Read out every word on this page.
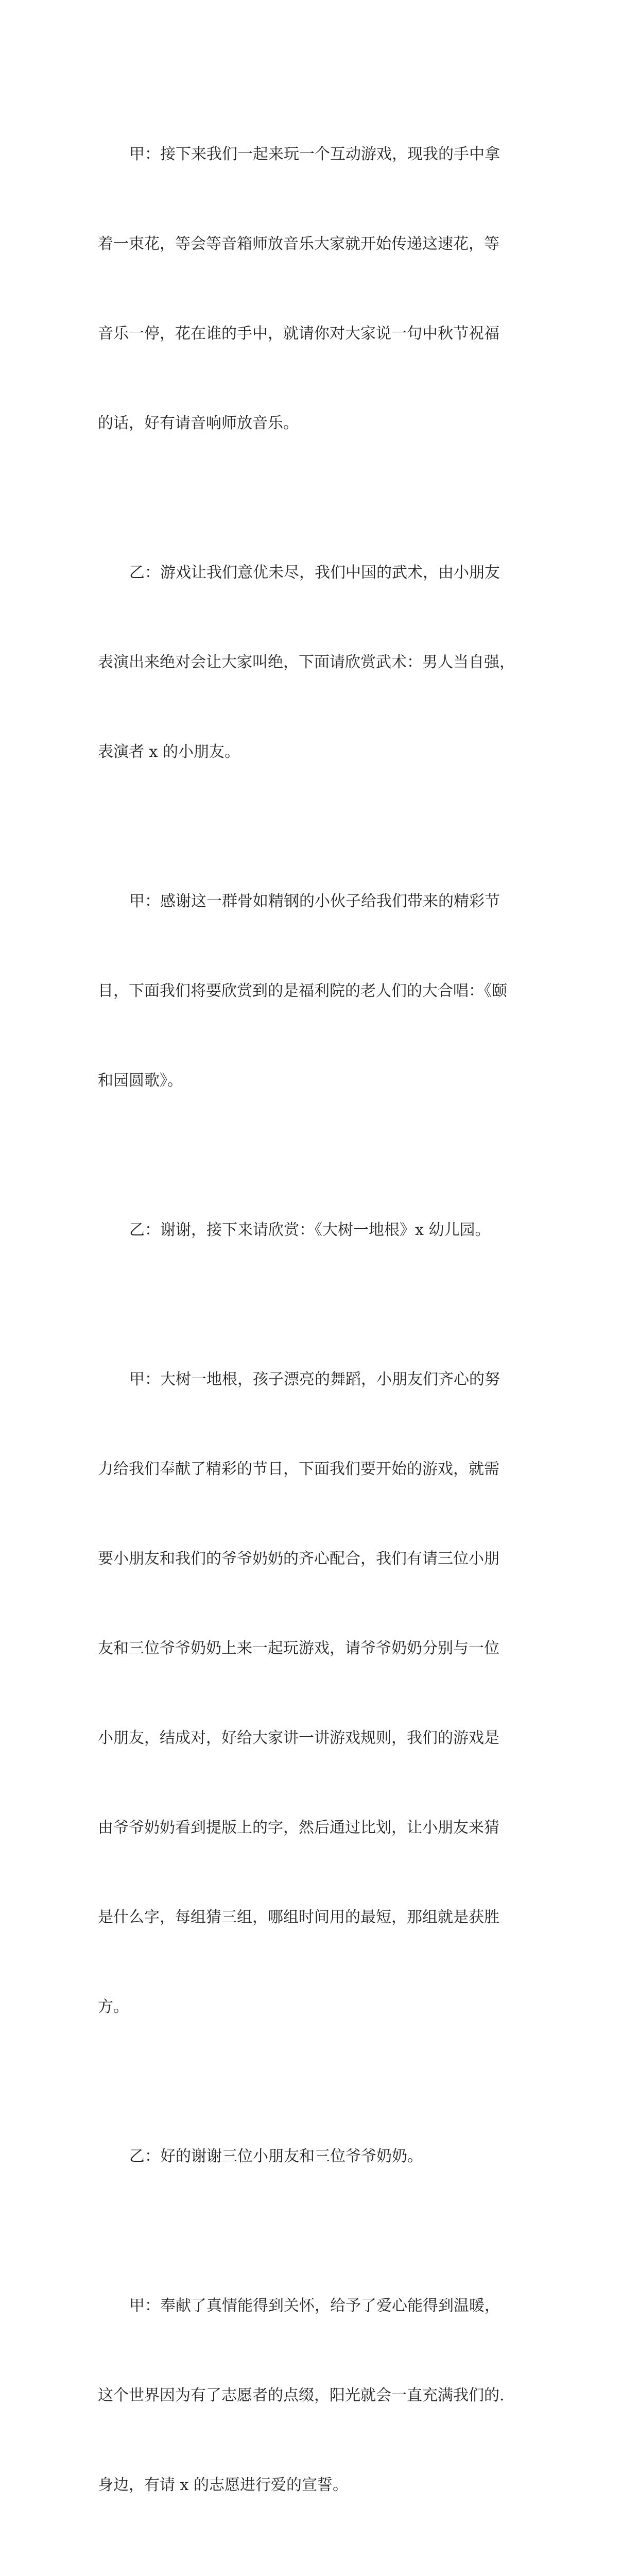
甲：接下来我们一起来玩一个互动游戏，现我的手中拿

着一束花，等会等音箱师放音乐大家就开始传递这速花，等

音乐一停，花在谁的手中，就请你对大家说一句中秋节祝福

的话，好有请音响师放音乐。

乙：游戏让我们意优未尽，我们中国的武术，由小朋友

表演出来绝对会让大家叫绝，下面请欣赏武术：男人当自强，

表演者 x 的小朋友。

甲：感谢这一群骨如精钢的小伙子给我们带来的精彩节

目，下面我们将要欣赏到的是福利院的老人们的大合唱：《颐

和园圆歌》。

乙：谢谢，接下来请欣赏：《大树一地根》x 幼儿园。

甲：大树一地根，孩子漂亮的舞蹈，小朋友们齐心的努

力给我们奉献了精彩的节目，下面我们要开始的游戏，就需

要小朋友和我们的爷爷奶奶的齐心配合，我们有请三位小朋

友和三位爷爷奶奶上来一起玩游戏，请爷爷奶奶分别与一位

小朋友，结成对，好给大家讲一讲游戏规则，我们的游戏是

由爷爷奶奶看到提版上的字，然后通过比划，让小朋友来猜

是什么字，每组猜三组，哪组时间用的最短，那组就是获胜

方。

乙：好的谢谢三位小朋友和三位爷爷奶奶。

甲：奉献了真情能得到关怀，给予了爱心能得到温暖，

这个世界因为有了志愿者的点缀，阳光就会一直充满我们的.

身边，有请 x 的志愿进行爱的宣誓。
